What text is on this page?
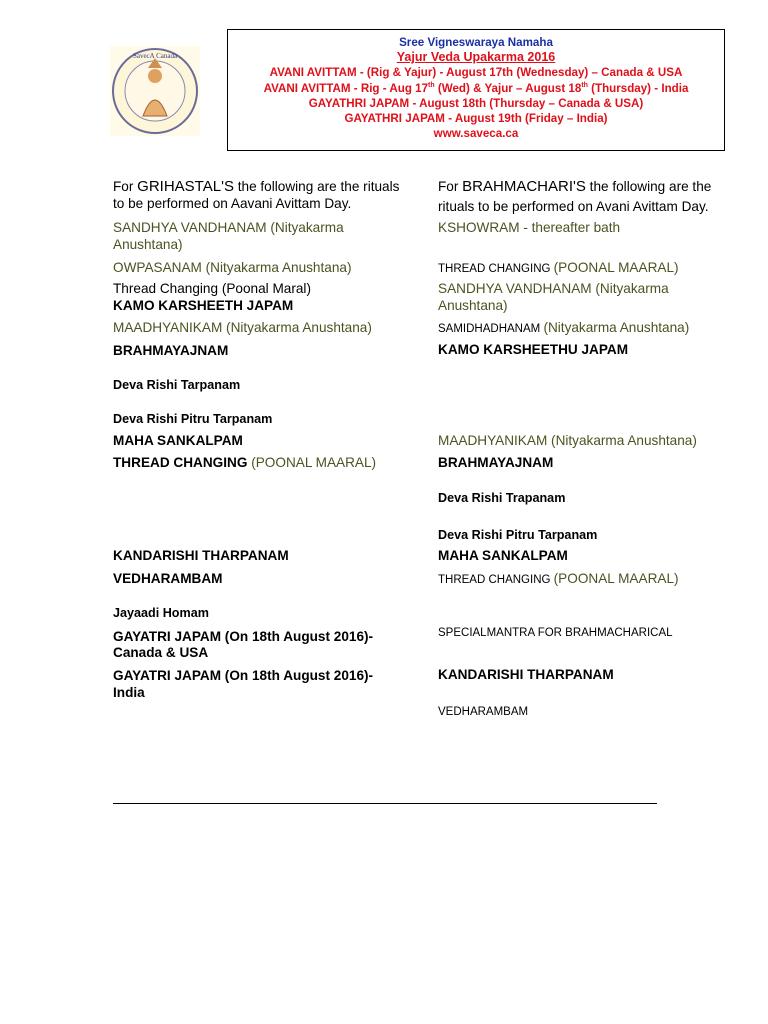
SavecA Canada
Sree Vigneswaraya Namaha
Yajur Veda Upakarma 2016
AVANI AVITTAM - (Rig & Yajur) - August 17th (Wednesday) – Canada & USA
AVANI AVITTAM - Rig - Aug 17th (Wed) & Yajur – August 18th (Thursday) - India
GAYATHRI JAPAM - August 18th (Thursday – Canada & USA)
GAYATHRI JAPAM - August 19th (Friday – India)
www.saveca.ca
For GRIHASTAL'S the following are the rituals
to be performed on Aavani Avittam Day.
SANDHYA VANDHANAM (Nityakarma
Anushtana)
OWPASANAM (Nityakarma Anushtana)
Thread Changing (Poonal Maral)
KAMO KARSHEETH JAPAM
MAADHYANIKAM (Nityakarma Anushtana)
BRAHMAYAJNAM
Deva Rishi Tarpanam
Deva Rishi Pitru Tarpanam
MAHA SANKALPAM
THREAD CHANGING (POONAL MAARAL)
KANDARISHI THARPANAM
VEDHARAMBAM
Jayaadi Homam
GAYATRI JAPAM (On 18th August 2016)-
Canada & USA
GAYATRI JAPAM (On 18th August 2016)-
India
For BRAHMACHARI'S the following are the
rituals to be performed on Avani Avittam Day.
KSHOWRAM - thereafter bath
THREAD CHANGING (POONAL MAARAL)
SANDHYA VANDHANAM (Nityakarma
Anushtana)
SAMIDHADHANAM (Nityakarma Anushtana)
KAMO KARSHEETHU JAPAM
MAADHYANIKAM (Nityakarma Anushtana)
BRAHMAYAJNAM
Deva Rishi Trapanam
Deva Rishi Pitru Tarpanam
MAHA SANKALPAM
THREAD CHANGING (POONAL MAARAL)
SPECIALMANTRA FOR BRAHMACHARICAL
KANDARISHI THARPANAM
VEDHARAMBAM
